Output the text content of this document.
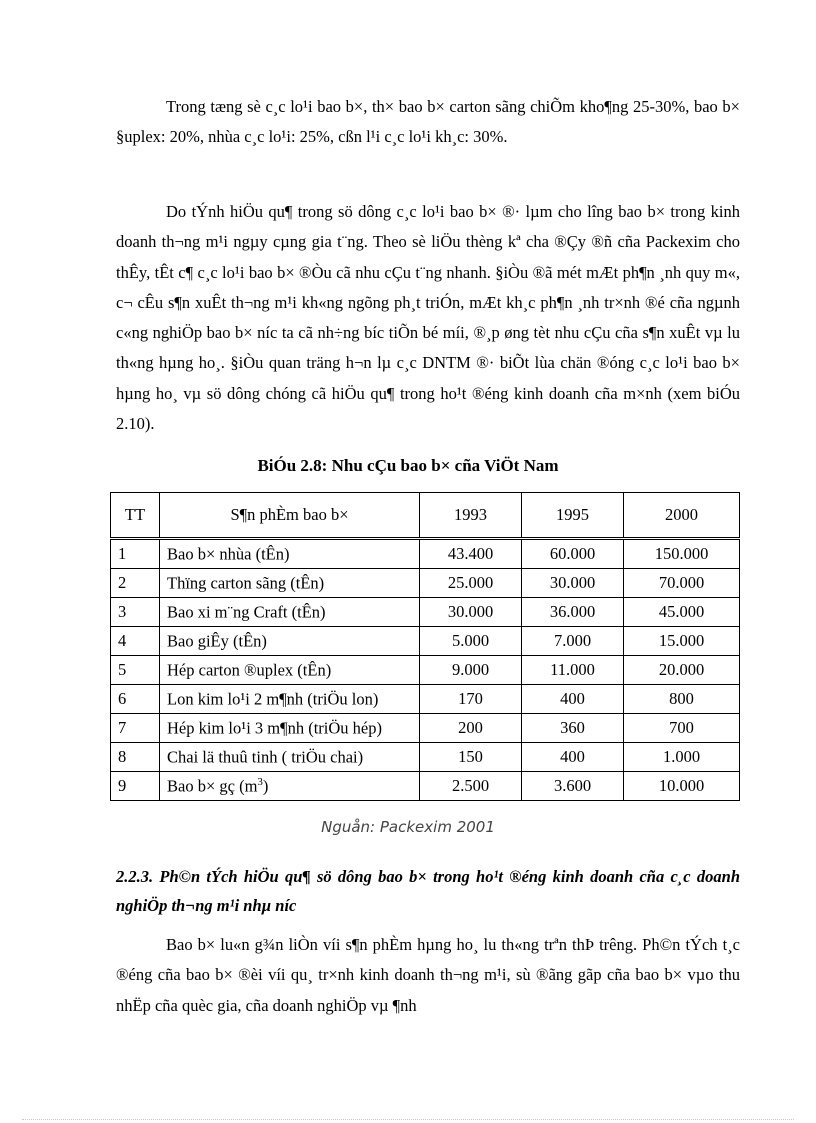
Trong tæng sè c¸c lo¹i bao b×, th× bao b× carton sãng chiÕm kho¶ng 25-30%, bao b× §uplex: 20%, nhùa c¸c lo¹i: 25%, cßn l¹i c¸c lo¹i kh¸c: 30%.

Do tÝnh hiÖu qu¶ trong sö dông c¸c lo¹i bao b× ®· lµm cho lîng bao b× trong kinh doanh th¬ng m¹i ngµy cµng gia t¨ng. Theo sè liÖu thèng kª cha ®Çy ®ñ cña Packexim cho thÊy, tÊt c¶ c¸c lo¹i bao b× ®Òu cã nhu cÇu t¨ng nhanh. §iÒu ®ã mét mÆt ph¶n ¸nh quy m«, c¬ cÊu s¶n xuÊt th¬ng m¹i kh«ng ngõng ph¸t triÓn, mÆt kh¸c ph¶n ¸nh tr×nh ®é cña ngµnh c«ng nghiÖp bao b× níc ta cã nh÷ng bíc tiÕn bé míi, ®¸p øng tèt nhu cÇu cña s¶n xuÊt vµ lu th«ng hµng ho¸. §iÒu quan träng h¬n lµ c¸c DNTM ®· biÕt lùa chän ®óng c¸c lo¹i bao b× hµng ho¸ vµ sö dông chóng cã hiÖu qu¶ trong ho¹t ®éng kinh doanh cña m×nh (xem biÓu 2.10).

BiÓu 2.8: Nhu cÇu bao b× cña ViÖt Nam

TT	S¶n phÈm bao b×	1993	1995	2000
1	Bao b× nhùa (tÊn)	43.400	60.000	150.000
2	Thïng carton sãng (tÊn)	25.000	30.000	70.000
3	Bao xi m¨ng Craft (tÊn)	30.000	36.000	45.000
4	Bao giÊy (tÊn)	5.000	7.000	15.000
5	Hép carton ®uplex (tÊn)	9.000	11.000	20.000
6	Lon kim lo¹i 2 m¶nh (triÖu lon)	170	400	800
7	Hép kim lo¹i 3 m¶nh (triÖu hép)	200	360	700
8	Chai lä thuû tinh ( triÖu chai)	150	400	1.000
9	Bao b× gç $(m^3)$	2.500	3.600	10.000

Nguån: Packexim 2001

2.2.3. Ph©n tÝch hiÖu qu¶ sö dông bao b× trong ho¹t ®éng kinh doanh cña c¸c doanh nghiÖp th¬ng m¹i nhµ níc

Bao b× lu«n g¾n liÒn víi s¶n phÈm hµng ho¸ lu th«ng trªn thÞ trêng. Ph©n tÝch t¸c ®éng cña bao b× ®èi víi qu¸ tr×nh kinh doanh th¬ng m¹i, sù ®ãng gãp cña bao b× vµo thu nhËp cña quèc gia, cña doanh nghiÖp vµ ¶nh
